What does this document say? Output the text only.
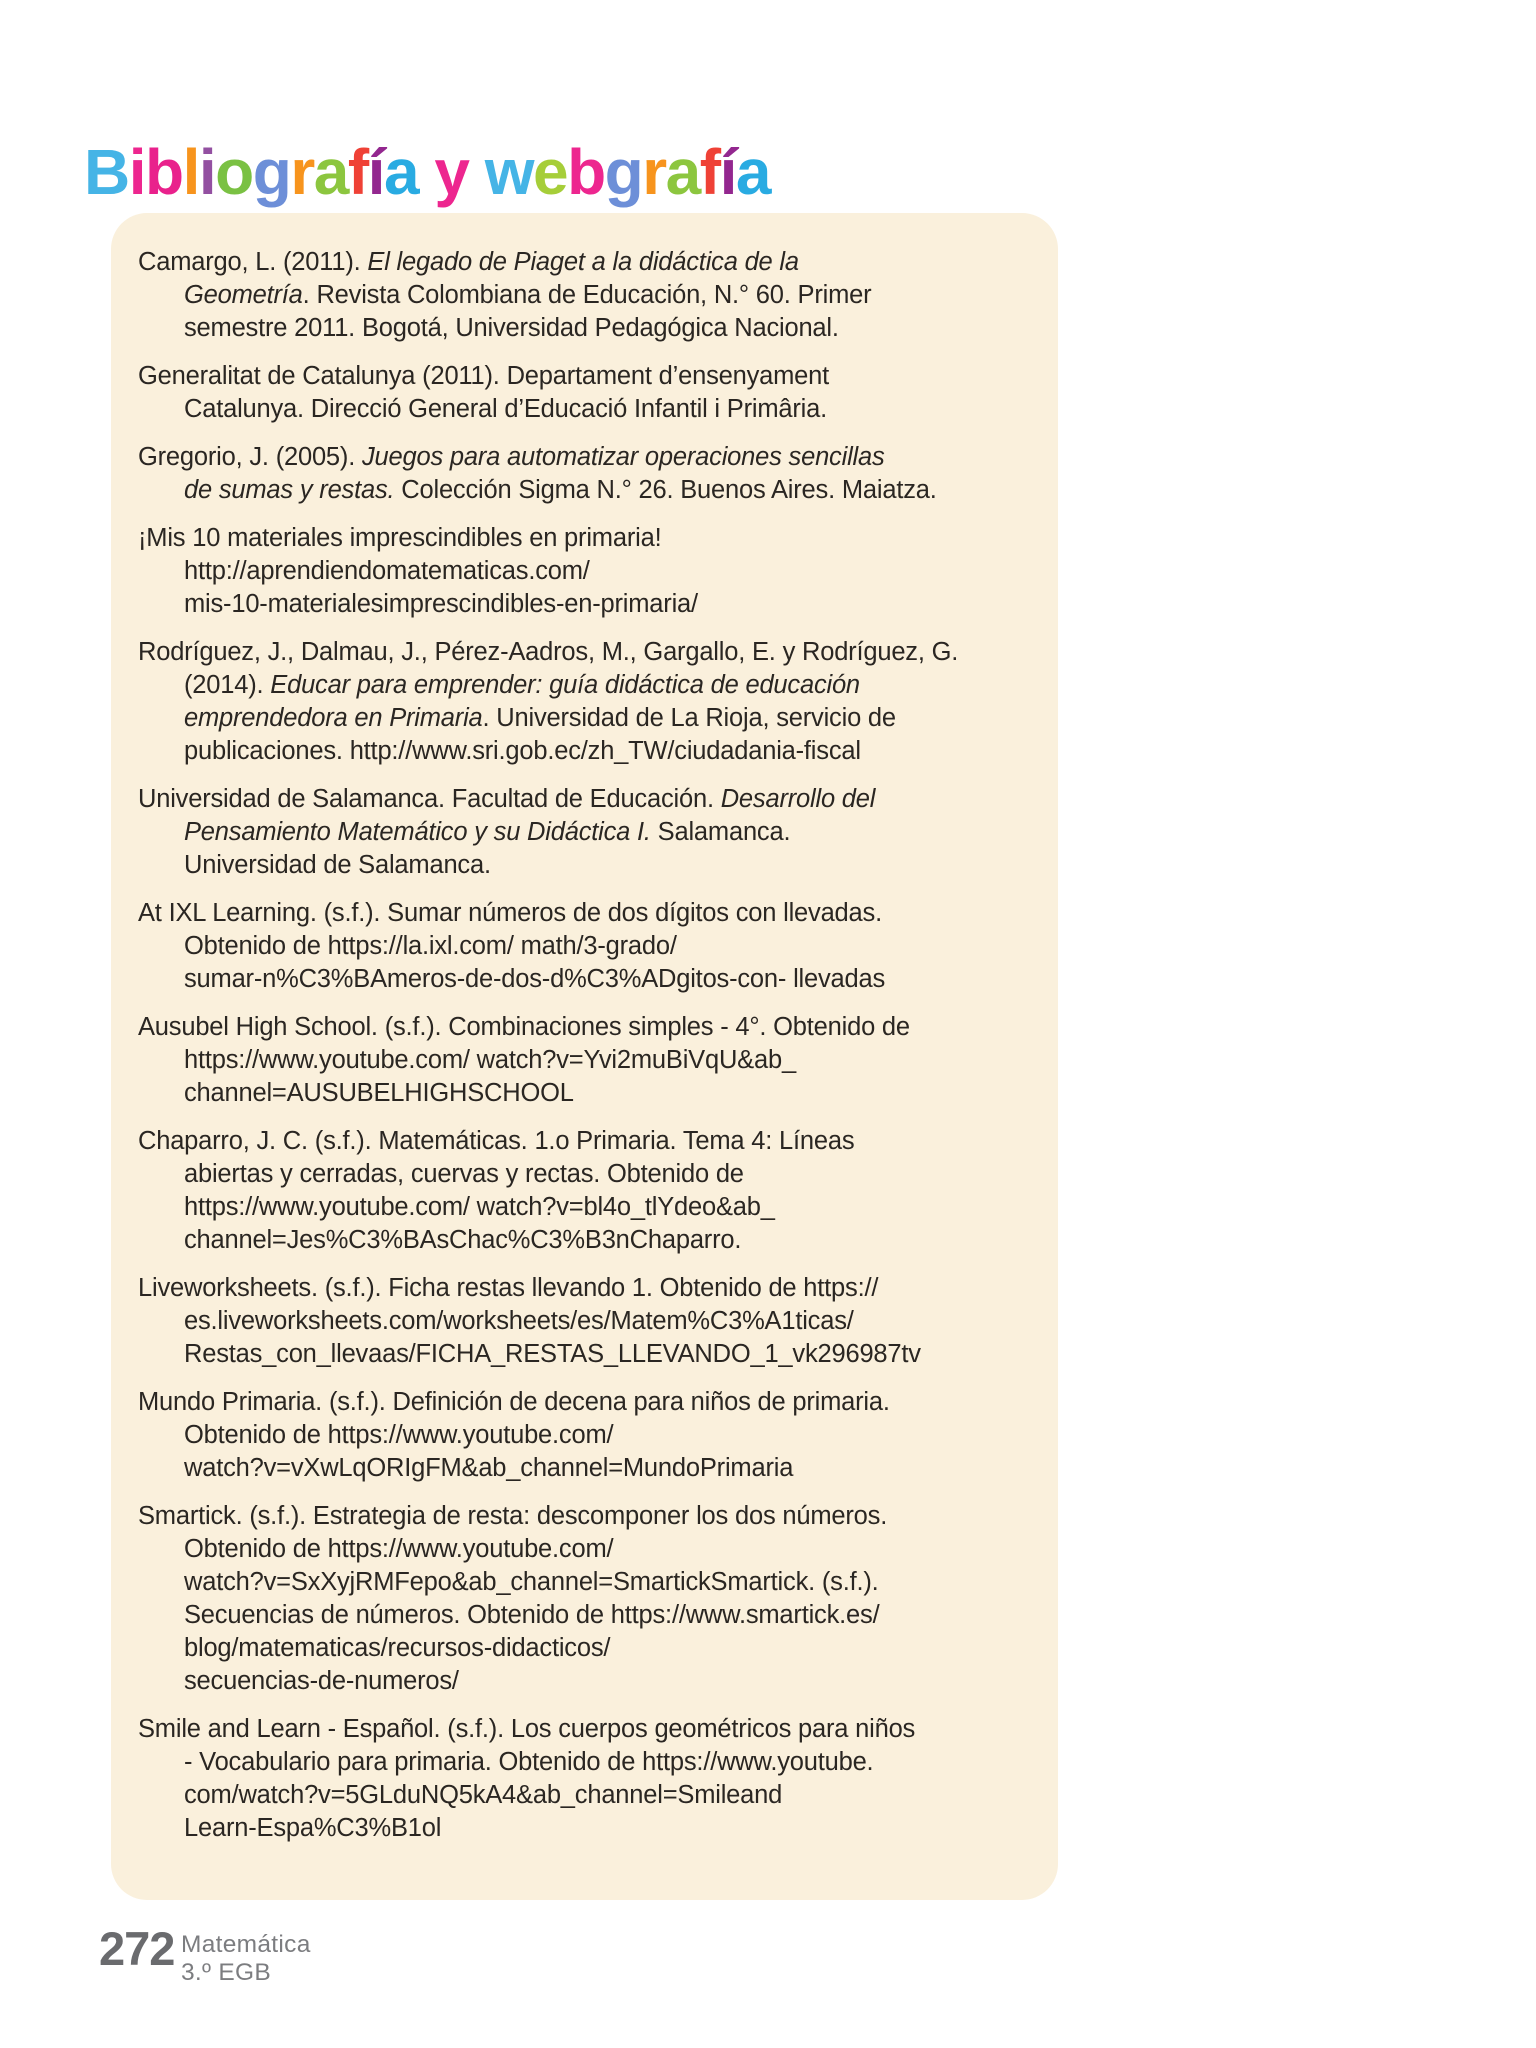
Bibliografía y webgrafía
Camargo, L. (2011). El legado de Piaget a la didáctica de la
Geometría. Revista Colombiana de Educación, N.° 60. Primer
semestre 2011. Bogotá, Universidad Pedagógica Nacional.
Generalitat de Catalunya (2011). Departament d’ensenyament
Catalunya. Direcció General d’Educació Infantil i Primâria.
Gregorio, J. (2005). Juegos para automatizar operaciones sencillas
de sumas y restas. Colección Sigma N.° 26. Buenos Aires. Maiatza.
¡Mis 10 materiales imprescindibles en primaria!
http://aprendiendomatematicas.com/
mis-10-materialesimprescindibles-en-primaria/
Rodríguez, J., Dalmau, J., Pérez-Aadros, M., Gargallo, E. y Rodríguez, G.
(2014). Educar para emprender: guía didáctica de educación
emprendedora en Primaria. Universidad de La Rioja, servicio de
publicaciones. http://www.sri.gob.ec/zh_TW/ciudadania-fiscal
Universidad de Salamanca. Facultad de Educación. Desarrollo del
Pensamiento Matemático y su Didáctica I. Salamanca.
Universidad de Salamanca.
At IXL Learning. (s.f.). Sumar números de dos dígitos con llevadas.
Obtenido de https://la.ixl.com/ math/3-grado/
sumar-n%C3%BAmeros-de-dos-d%C3%ADgitos-con- llevadas
Ausubel High School. (s.f.). Combinaciones simples - 4°. Obtenido de
https://www.youtube.com/ watch?v=Yvi2muBiVqU&ab_
channel=AUSUBELHIGHSCHOOL
Chaparro, J. C. (s.f.). Matemáticas. 1.o Primaria. Tema 4: Líneas
abiertas y cerradas, cuervas y rectas. Obtenido de
https://www.youtube.com/ watch?v=bl4o_tlYdeo&ab_
channel=Jes%C3%BAsChac%C3%B3nChaparro.
Liveworksheets. (s.f.). Ficha restas llevando 1. Obtenido de https://
es.liveworksheets.com/worksheets/es/Matem%C3%A1ticas/
Restas_con_llevaas/FICHA_RESTAS_LLEVANDO_1_vk296987tv
Mundo Primaria. (s.f.). Definición de decena para niños de primaria.
Obtenido de https://www.youtube.com/
watch?v=vXwLqORIgFM&ab_channel=MundoPrimaria
Smartick. (s.f.). Estrategia de resta: descomponer los dos números.
Obtenido de https://www.youtube.com/
watch?v=SxXyjRMFepo&ab_channel=SmartickSmartick. (s.f.).
Secuencias de números. Obtenido de https://www.smartick.es/
blog/matematicas/recursos-didacticos/
secuencias-de-numeros/
Smile and Learn - Español. (s.f.). Los cuerpos geométricos para niños
- Vocabulario para primaria. Obtenido de https://www.youtube.
com/watch?v=5GLduNQ5kA4&ab_channel=Smileand
Learn-Espa%C3%B1ol
272 Matemática
3.º EGB
